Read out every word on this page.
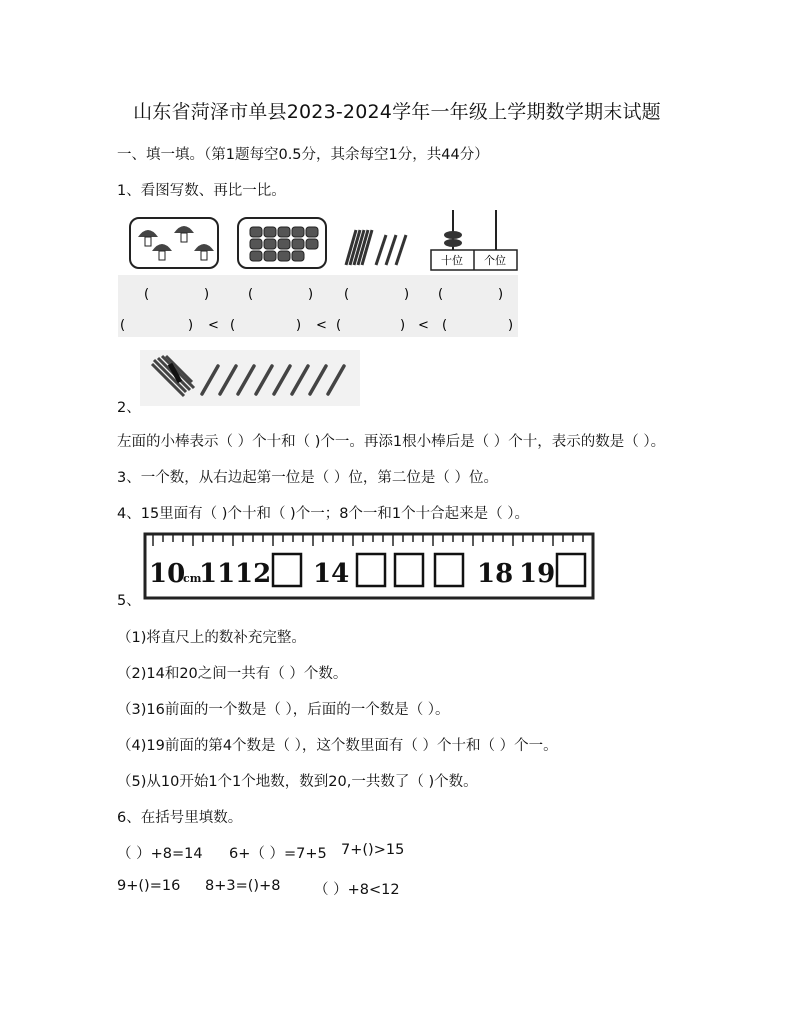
山东省菏泽市单县2023-2024学年一年级上学期数学期末试题
一、填一填。（第1题每空0.5分，其余每空1分，共44分）
1、看图写数、再比一比。
十位 个位
(	)	(	) (	) (	)
(	) < (	) < (	) < (	)
2、
左面的小棒表示（ ）个十和（ )个一。再添1根小棒后是（ ）个十，表示的数是（ ）。
3、一个数，从右边起第一位是（ ）位，第二位是（ ）位。
4、15里面有（ )个十和（ )个一；8个一和1个十合起来是（ ）。
10
cm
11 12 14	18 19
5、
（1)将直尺上的数补充完整。
（2)14和20之间一共有（ ）个数。
（3)16前面的一个数是（ ），后面的一个数是（ ）。
（4)19前面的第4个数是（ ），这个数里面有（ ）个十和（ ）个一。
（5)从10开始1个1个地数，数到20,一共数了（ )个数。
6、在括号里填数。
（ ）+8=14 6+（ ）=7+5 7+()>15
9+()=16 8+3=()+8 （ ）+8<12
